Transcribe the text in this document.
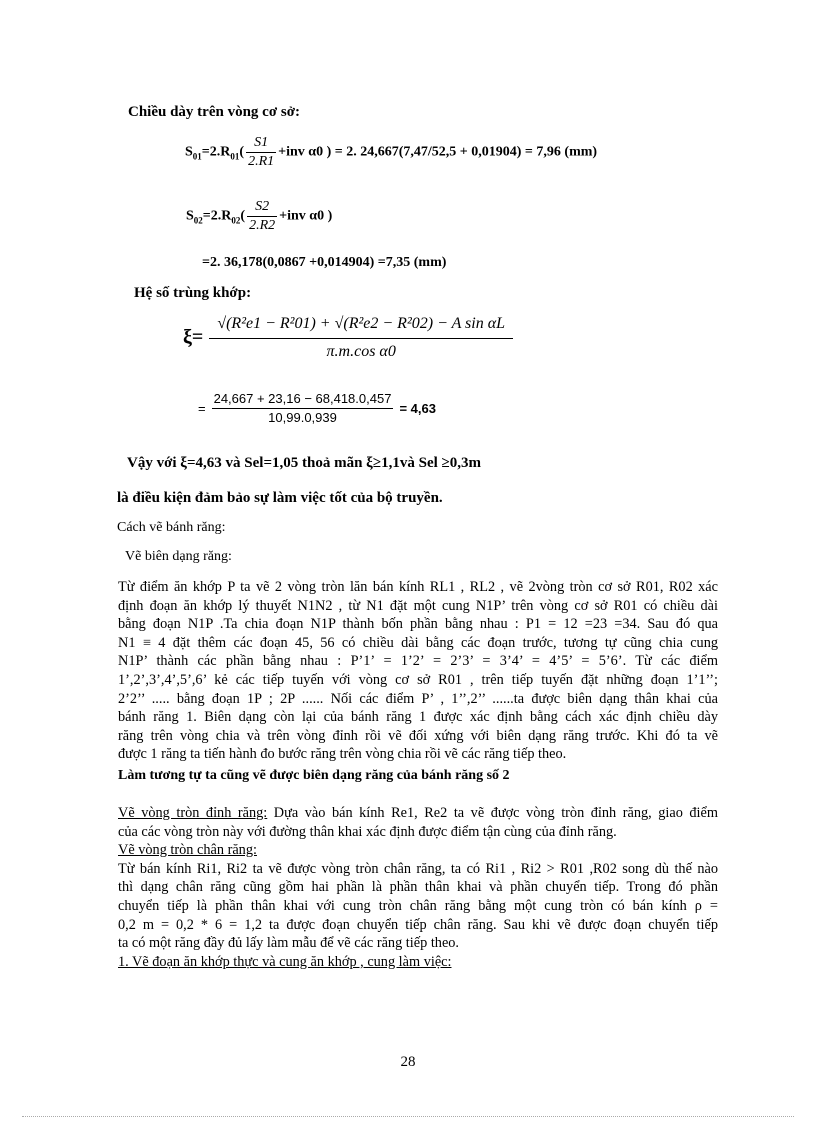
Chiều dày trên vòng cơ sở:
$S_{01}=2.R_{01}( \frac{S1}{2.R1} +inv$ α0 ) = 2. 24,667(7,47/52,5 + 0,01904) = 7,96 (mm)
$S_{02}=2.R_{02}( \frac{S2}{2.R2} +inv$ α0 )
=2. 36,178(0,0867 +0,014904) =7,35 (mm)
Hệ số trùng khớp:
$\xi= \frac{\text{√(R²e1 − R²01) + √(R²e2 − R²02) − A sin αL}}{\text{π.m.cos α0}}$
= $\frac{24,667 + 23,16 - 68,418.0,457}{10,99.0,939} = 4,63$
Vậy với ξ=4,63 và Sel=1,05 thoả mãn ξ≥1,1và Sel ≥0,3m
là điều kiện đảm bảo sự làm việc tốt của bộ truyền.
Cách vẽ bánh răng:
Vẽ biên dạng răng:
Từ điểm ăn khớp P ta vẽ 2 vòng tròn lăn bán kính RL1 , RL2 , vẽ 2vòng tròn cơ sở R01, R02 xác
định đoạn ăn khớp lý thuyết N1N2 , từ N1 đặt một cung N1P’ trên vòng cơ sở R01 có chiều dài
bằng đoạn N1P .Ta chia đoạn N1P thành bốn phần bằng nhau : P1 = 12 =23 =34. Sau đó qua
N1 ≡ 4 đặt thêm các đoạn 45, 56 có chiều dài bằng các đoạn trước, tương tự cũng chia cung
N1P’ thành các phần bằng nhau : P’1’ = 1’2’ = 2’3’ = 3’4’ = 4’5’ = 5’6’. Từ các điểm
1’,2’,3’,4’,5’,6’ kẻ các tiếp tuyến với vòng cơ sở R01 , trên tiếp tuyến đặt những đoạn 1’1’’;
2’2’’ ..... bằng đoạn 1P ; 2P ...... Nối các điểm P’ , 1’’,2’’ ......ta được biên dạng thân khai của
bánh răng 1. Biên dạng còn lại của bánh răng 1 được xác định bằng cách xác định chiều dày
răng trên vòng chia và trên vòng đỉnh rồi vẽ đối xứng với biên dạng răng trước. Khi đó ta vẽ
được 1 răng ta tiến hành đo bước răng trên vòng chia rồi vẽ các răng tiếp theo.
Làm tương tự ta cũng vẽ được biên dạng răng của bánh răng số 2
Vẽ vòng tròn đỉnh răng: Dựa vào bán kính Re1, Re2 ta vẽ được vòng tròn đỉnh răng, giao điểm
của các vòng tròn này với đường thân khai xác định được điểm tận cùng của đỉnh răng.
Vẽ vòng tròn chân răng:
Từ bán kính Ri1, Ri2 ta vẽ được vòng tròn chân răng, ta có Ri1 , Ri2 > R01 ,R02 song dù thế nào
thì dạng chân răng cũng gồm hai phần là phần thân khai và phần chuyển tiếp. Trong đó phần
chuyển tiếp là phần thân khai với cung tròn chân răng bằng một cung tròn có bán kính ρ =
0,2 m = 0,2 * 6 = 1,2 ta được đoạn chuyển tiếp chân răng. Sau khi vẽ được đoạn chuyển tiếp
ta có một răng đầy đủ lấy làm mẫu để vẽ các răng tiếp theo.
1. Vẽ đoạn ăn khớp thực và cung ăn khớp , cung làm việc:
28
